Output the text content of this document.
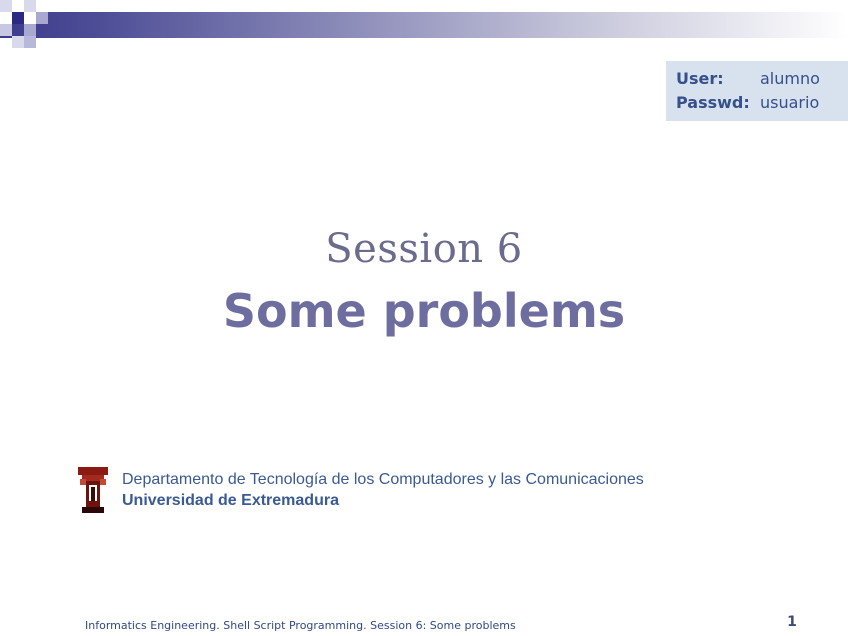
User: alumno
Passwd: usuario
Session 6
Some problems
Departamento de Tecnología de los Computadores y las Comunicaciones
Universidad de Extremadura
Informatics Engineering. Shell Script Programming. Session 6: Some problems	1
